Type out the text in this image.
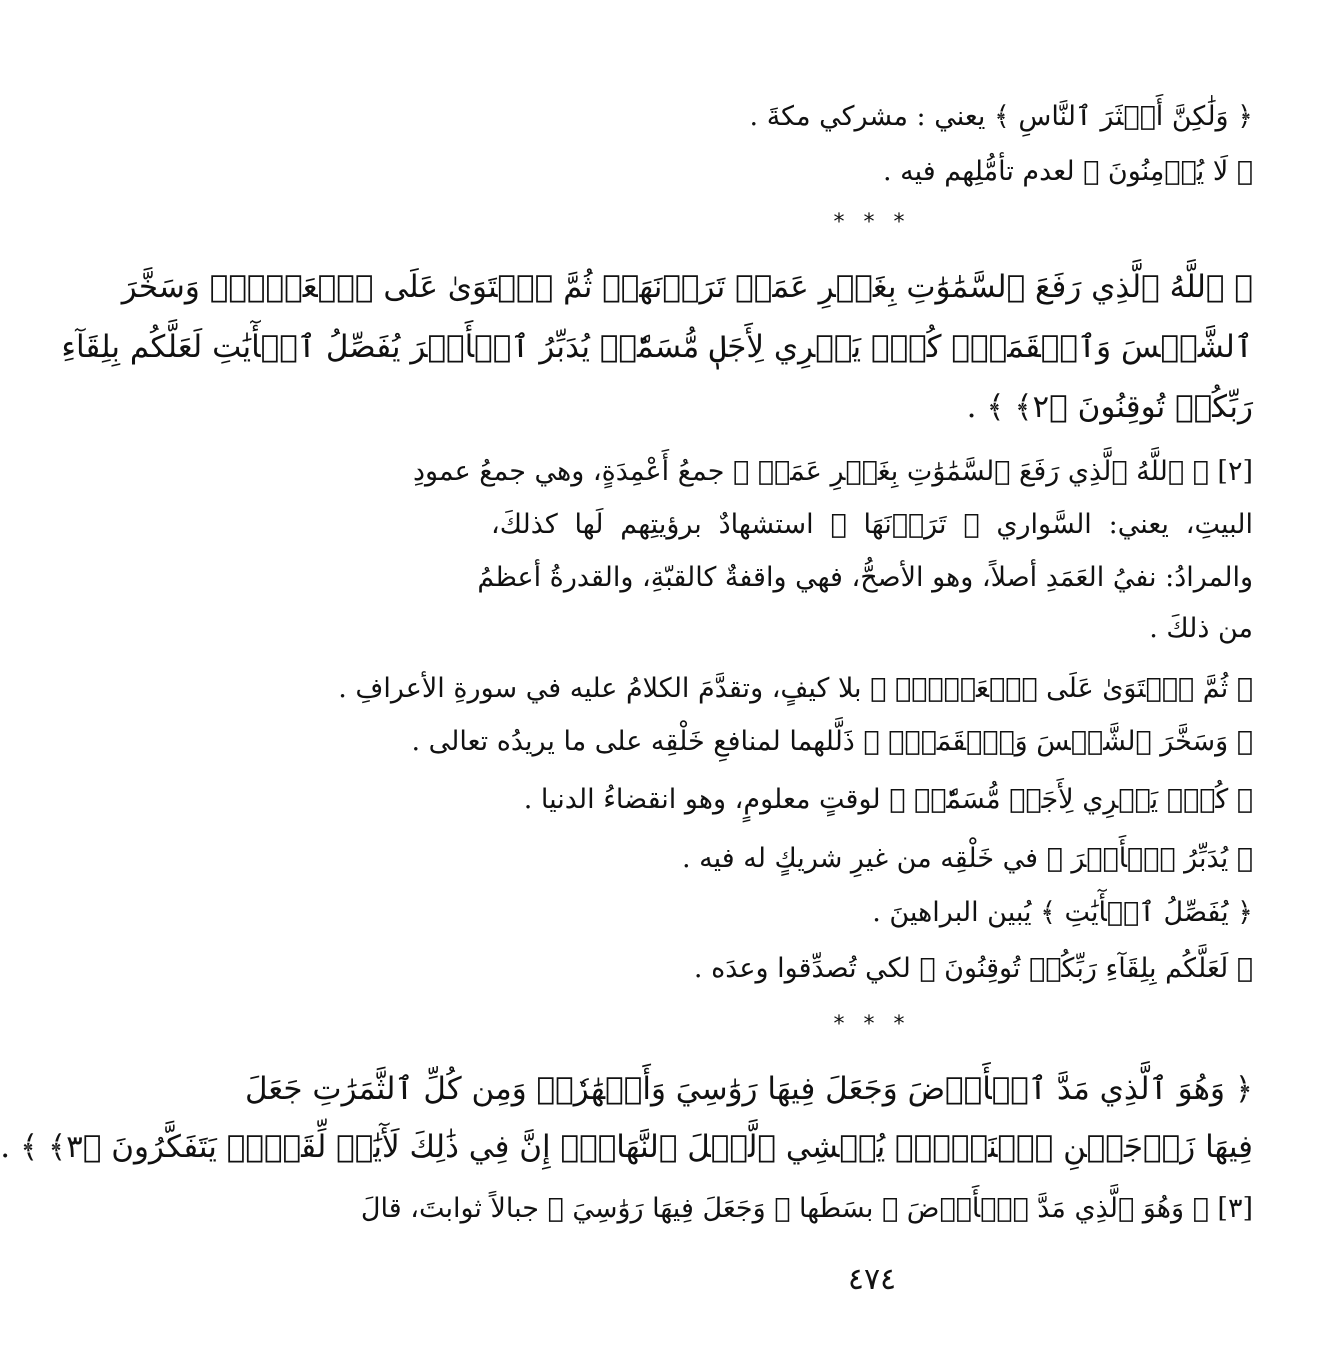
﴿ وَلَٰكِنَّ أَكۡثَرَ ٱلنَّاسِ ﴾ يعني : مشركي مكةَ .
﴿ لَا يُؤۡمِنُونَ ﴾ لعدم تأمُّلِهم فيه .
* * *
﴿ ٱللَّهُ ٱلَّذِي رَفَعَ ٱلسَّمَٰوَٰتِ بِغَيۡرِ عَمَدٖ تَرَوۡنَهَاۖ ثُمَّ ٱسۡتَوَىٰ عَلَى ٱلۡعَرۡشِۖ وَسَخَّرَ
ٱلشَّمۡسَ وَٱلۡقَمَرَۖ كُلّٞ يَجۡرِي لِأَجَلٖ مُّسَمّٗىۚ يُدَبِّرُ ٱلۡأَمۡرَ يُفَصِّلُ ٱلۡأٓيَٰتِ لَعَلَّكُم بِلِقَآءِ
رَبِّكُمۡ تُوقِنُونَ ﴿٢﴾ ﴾ .
[٢] ﴿ ٱللَّهُ ٱلَّذِي رَفَعَ ٱلسَّمَٰوَٰتِ بِغَيۡرِ عَمَدٖ ﴾ جمعُ أَعْمِدَةٍ، وهي جمعُ عمودِ
البيتِ، يعني: السَّواري ﴿ تَرَوۡنَهَا ﴾ استشهادٌ برؤيتِهم لَها كذلكَ،
والمرادُ: نفيُ العَمَدِ أصلاً، وهو الأصحُّ، فهي واقفةٌ كالقبّةِ، والقدرةُ أعظمُ
من ذلكَ .
﴿ ثُمَّ ٱسۡتَوَىٰ عَلَى ٱلۡعَرۡشِۖ ﴾ بلا كيفٍ، وتقدَّمَ الكلامُ عليه في سورةِ الأعرافِ .
﴿ وَسَخَّرَ ٱلشَّمۡسَ وَٱلۡقَمَرَۖ ﴾ ذَلَّلهما لمنافعِ خَلْقِه على ما يريدُه تعالى .
﴿ كُلّٞ يَجۡرِي لِأَجَلٖ مُّسَمّٗىۚ ﴾ لوقتٍ معلومٍ، وهو انقضاءُ الدنيا .
﴿ يُدَبِّرُ ٱلۡأَمۡرَ ﴾ في خَلْقِه من غيرِ شريكٍ له فيه .
﴿ يُفَصِّلُ ٱلۡأٓيَٰتِ ﴾ يُبين البراهينَ .
﴿ لَعَلَّكُم بِلِقَآءِ رَبِّكُمۡ تُوقِنُونَ ﴾ لكي تُصدِّقوا وعدَه .
* * *
﴿ وَهُوَ ٱلَّذِي مَدَّ ٱلۡأَرۡضَ وَجَعَلَ فِيهَا رَوَٰسِيَ وَأَنۡهَٰرٗاۖ وَمِن كُلِّ ٱلثَّمَرَٰتِ جَعَلَ
فِيهَا زَوۡجَيۡنِ ٱثۡنَيۡنِۖ يُغۡشِي ٱلَّيۡلَ ٱلنَّهَارَۚ إِنَّ فِي ذَٰلِكَ لَأٓيَٰتٖ لِّقَوۡمٖ يَتَفَكَّرُونَ ﴿٣﴾ ﴾ .
[٣] ﴿ وَهُوَ ٱلَّذِي مَدَّ ٱلۡأَرۡضَ ﴾ بسَطَها ﴿ وَجَعَلَ فِيهَا رَوَٰسِيَ ﴾ جبالاً ثوابتَ، قالَ
٤٧٤
